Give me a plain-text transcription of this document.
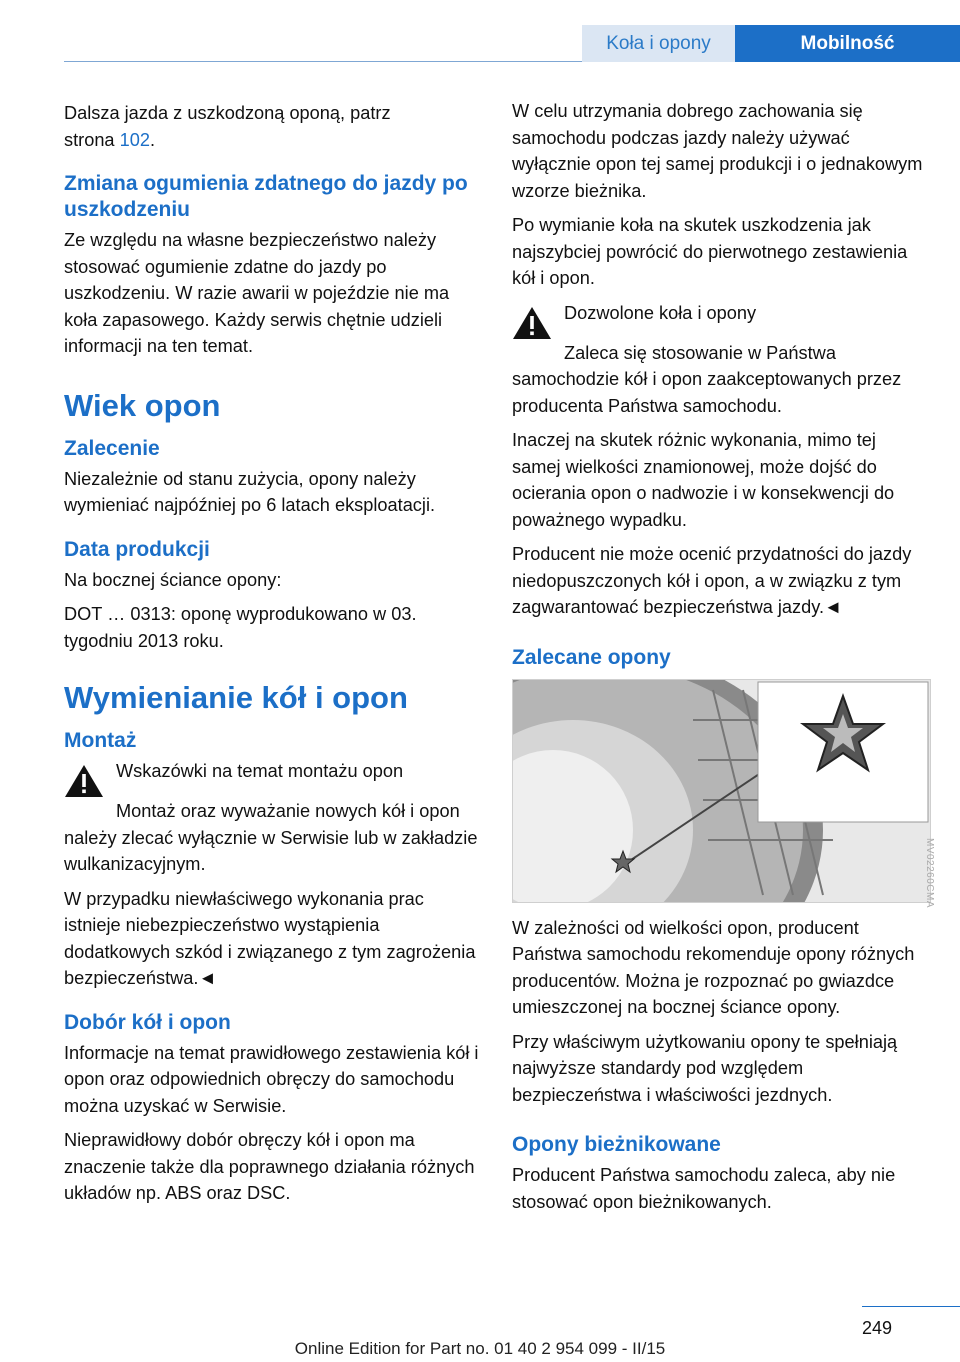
Koła i opony	Mobilność

Dalsza jazda z uszkodzoną oponą, patrz
strona 102.

Zmiana ogumienia zdatnego do jazdy po uszkodzeniu

Ze względu na własne bezpieczeństwo należy stosować ogumienie zdatne do jazdy po uszkodzeniu. W razie awarii w pojeździe nie ma koła zapasowego. Każdy serwis chętnie udzieli informacji na ten temat.

Wiek opon
Zalecenie

Niezależnie od stanu zużycia, opony należy wymieniać najpóźniej po 6 latach eksploatacji.

Data produkcji

Na bocznej ściance opony:

DOT … 0313: oponę wyprodukowano w 03. tygodniu 2013 roku.

Wymienianie kół i opon
Montaż

Wskazówki na temat montażu opon

Montaż oraz wyważanie nowych kół i opon należy zlecać wyłącznie w Serwisie lub w zakładzie wulkanizacyjnym.

W przypadku niewłaściwego wykonania prac istnieje niebezpieczeństwo wystąpienia dodatkowych szkód i związanego z tym zagrożenia bezpieczeństwa.◄

Dobór kół i opon

Informacje na temat prawidłowego zestawienia kół i opon oraz odpowiednich obręczy do samochodu można uzyskać w Serwisie.

Nieprawidłowy dobór obręczy kół i opon ma znaczenie także dla poprawnego działania różnych układów np. ABS oraz DSC.

W celu utrzymania dobrego zachowania się samochodu podczas jazdy należy używać wyłącznie opon tej samej produkcji i o jednakowym wzorze bieżnika.

Po wymianie koła na skutek uszkodzenia jak najszybciej powrócić do pierwotnego zestawienia kół i opon.

Dozwolone koła i opony

Zaleca się stosowanie w Państwa samochodzie kół i opon zaakceptowanych przez producenta Państwa samochodu.

Inaczej na skutek różnic wykonania, mimo tej samej wielkości znamionowej, może dojść do ocierania opon o nadwozie i w konsekwencji do poważnego wypadku.

Producent nie może ocenić przydatności do jazdy niedopuszczonych kół i opon, a w związku z tym zagwarantować bezpieczeństwa jazdy.◄

Zalecane opony

W zależności od wielkości opon, producent Państwa samochodu rekomenduje opony różnych producentów. Można je rozpoznać po gwiazdce umieszczonej na bocznej ściance opony.

Przy właściwym użytkowaniu opony te spełniają najwyższe standardy pod względem bezpieczeństwa i właściwości jezdnych.

Opony bieżnikowane

Producent Państwa samochodu zaleca, aby nie stosować opon bieżnikowanych.

MV02260CMA
249
Online Edition for Part no. 01 40 2 954 099 - II/15
